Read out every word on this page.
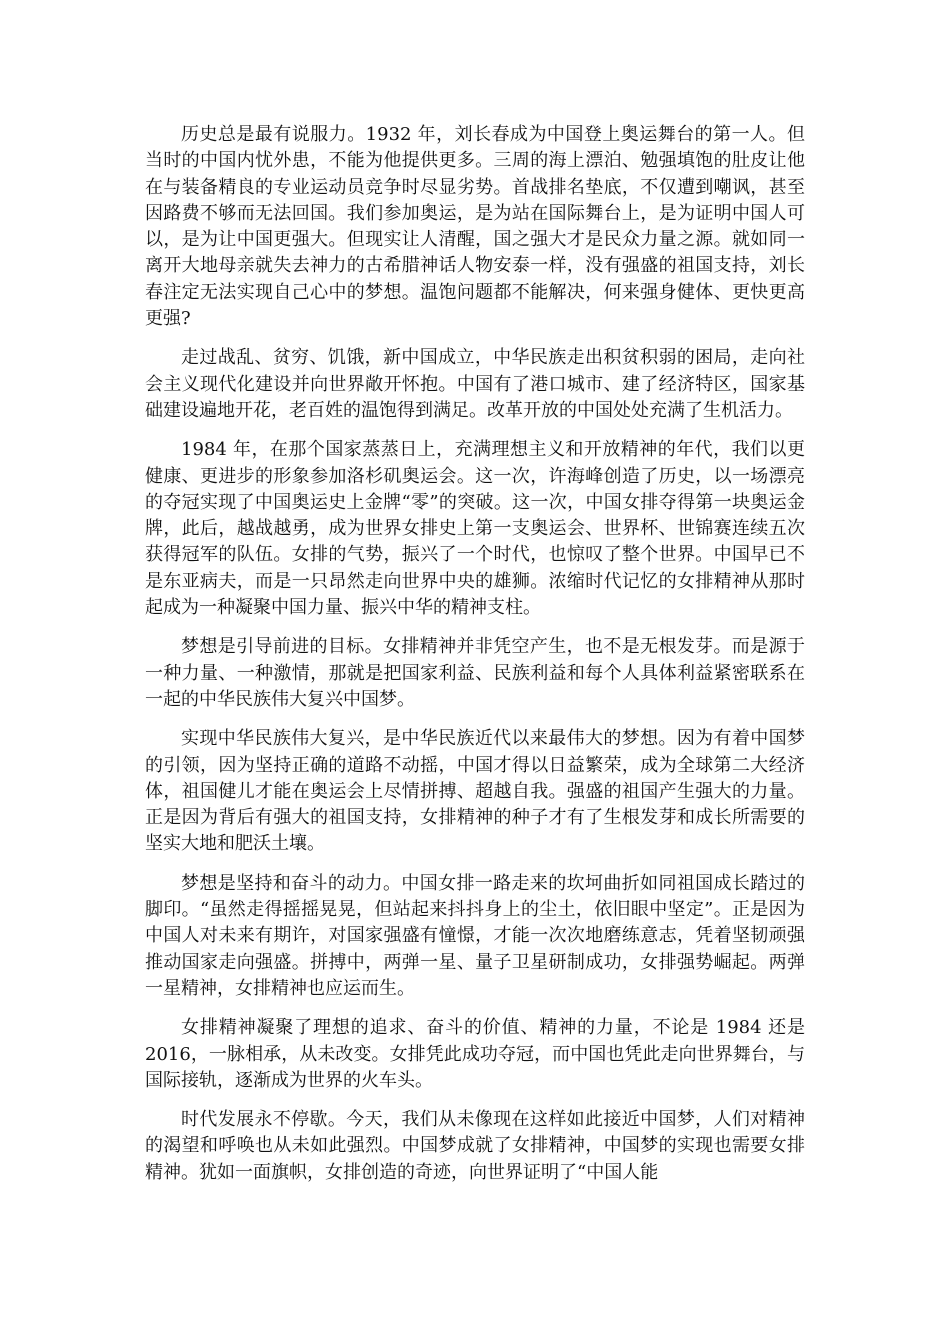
历史总是最有说服力。1932 年，刘长春成为中国登上奥运舞台的第一人。但当时的中国内忧外患，不能为他提供更多。三周的海上漂泊、勉强填饱的肚皮让他在与装备精良的专业运动员竞争时尽显劣势。首战排名垫底，不仅遭到嘲讽，甚至因路费不够而无法回国。我们参加奥运，是为站在国际舞台上，是为证明中国人可以，是为让中国更强大。但现实让人清醒，国之强大才是民众力量之源。就如同一离开大地母亲就失去神力的古希腊神话人物安泰一样，没有强盛的祖国支持，刘长春注定无法实现自己心中的梦想。温饱问题都不能解决，何来强身健体、更快更高更强?

走过战乱、贫穷、饥饿，新中国成立，中华民族走出积贫积弱的困局，走向社会主义现代化建设并向世界敞开怀抱。中国有了港口城市、建了经济特区，国家基础建设遍地开花，老百姓的温饱得到满足。改革开放的中国处处充满了生机活力。

1984 年，在那个国家蒸蒸日上，充满理想主义和开放精神的年代，我们以更健康、更进步的形象参加洛杉矶奥运会。这一次，许海峰创造了历史，以一场漂亮的夺冠实现了中国奥运史上金牌“零”的突破。这一次，中国女排夺得第一块奥运金牌，此后，越战越勇，成为世界女排史上第一支奥运会、世界杯、世锦赛连续五次获得冠军的队伍。女排的气势，振兴了一个时代，也惊叹了整个世界。中国早已不是东亚病夫，而是一只昂然走向世界中央的雄狮。浓缩时代记忆的女排精神从那时起成为一种凝聚中国力量、振兴中华的精神支柱。

梦想是引导前进的目标。女排精神并非凭空产生，也不是无根发芽。而是源于一种力量、一种激情，那就是把国家利益、民族利益和每个人具体利益紧密联系在一起的中华民族伟大复兴中国梦。

实现中华民族伟大复兴，是中华民族近代以来最伟大的梦想。因为有着中国梦的引领，因为坚持正确的道路不动摇，中国才得以日益繁荣，成为全球第二大经济体，祖国健儿才能在奥运会上尽情拼搏、超越自我。强盛的祖国产生强大的力量。正是因为背后有强大的祖国支持，女排精神的种子才有了生根发芽和成长所需要的坚实大地和肥沃土壤。

梦想是坚持和奋斗的动力。中国女排一路走来的坎坷曲折如同祖国成长踏过的脚印。“虽然走得摇摇晃晃，但站起来抖抖身上的尘土，依旧眼中坚定”。正是因为中国人对未来有期许，对国家强盛有憧憬，才能一次次地磨练意志，凭着坚韧顽强推动国家走向强盛。拼搏中，两弹一星、量子卫星研制成功，女排强势崛起。两弹一星精神，女排精神也应运而生。

女排精神凝聚了理想的追求、奋斗的价值、精神的力量，不论是 1984 还是 2016，一脉相承，从未改变。女排凭此成功夺冠，而中国也凭此走向世界舞台，与国际接轨，逐渐成为世界的火车头。

时代发展永不停歇。今天，我们从未像现在这样如此接近中国梦，人们对精神的渴望和呼唤也从未如此强烈。中国梦成就了女排精神，中国梦的实现也需要女排精神。犹如一面旗帜，女排创造的奇迹，向世界证明了“中国人能
